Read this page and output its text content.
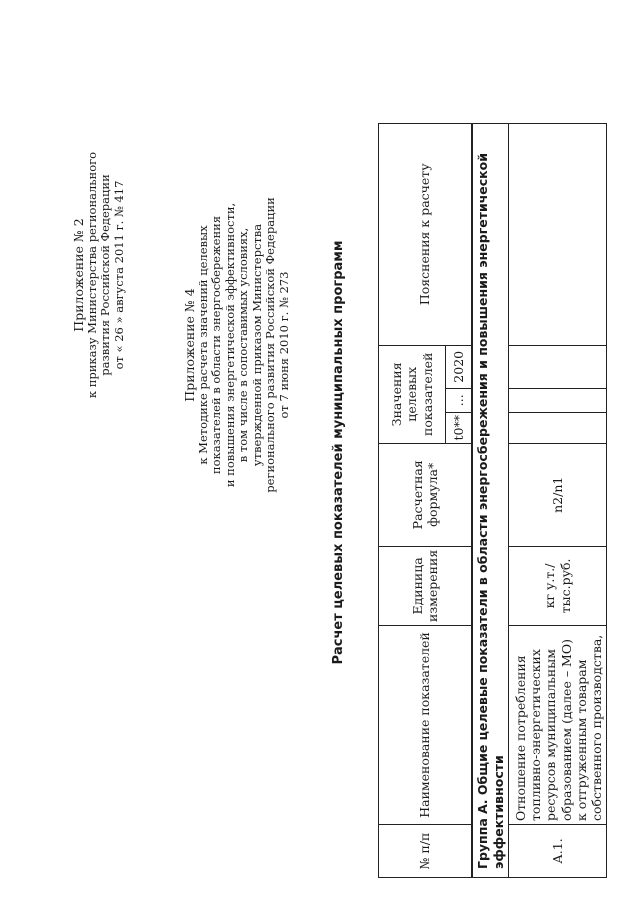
Приложение № 2
к приказу Министерства регионального развития Российской Федерации от « 26 » августа 2011 г. № 417	Приложение № 4
к Методике расчета значений целевых показателей в области энергосбережения и повышения энергетической эффективности, в том числе в сопоставимых условиях, утвержденной приказом Министерства регионального развития Российской Федерации от 7 июня 2010 г. № 273	Расчет целевых показателей муниципальных программ
№ п/п	Наименование показателей	Единица измерения	Расчетная формула*	Значения целевых показателей			Пояснения к расчету
				t0**	...	2020	
Группа А. Общие целевые показатели в области энергосбережения и повышения энергетической эффективности							
А.1.	Отношение потребления топливно-энергетических ресурсов муниципальным образованием (далее – МО) к отгруженным товарам собственного производства,	кг у.т./ тыс.руб.	n2/n1				
